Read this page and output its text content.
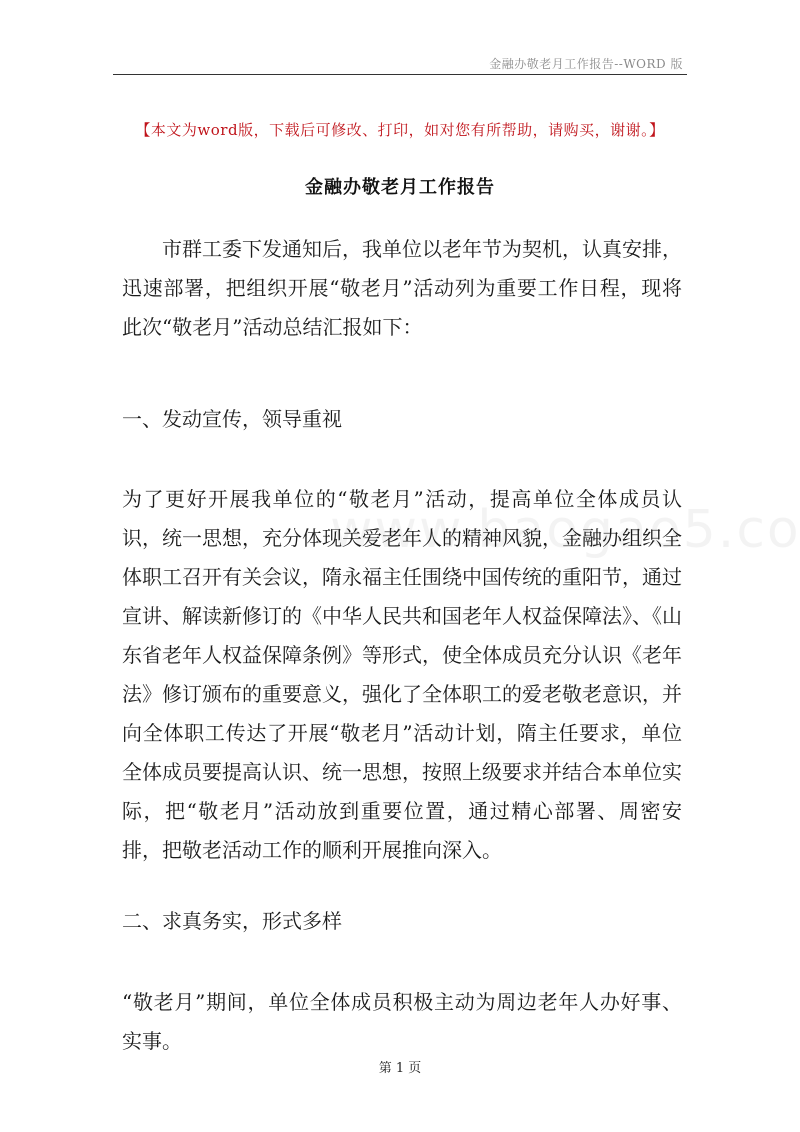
金融办敬老月工作报告--WORD 版
【本文为word版，下载后可修改、打印，如对您有所帮助，请购买，谢谢。】
金融办敬老月工作报告
市群工委下发通知后，我单位以老年节为契机，认真安排，迅速部署，把组织开展“敬老月”活动列为重要工作日程，现将此次“敬老月”活动总结汇报如下：
一、发动宣传，领导重视
为了更好开展我单位的“敬老月”活动，提高单位全体成员认识，统一思想，充分体现关爱老年人的精神风貌，金融办组织全体职工召开有关会议，隋永福主任围绕中国传统的重阳节，通过宣讲、解读新修订的《中华人民共和国老年人权益保障法》、《山东省老年人权益保障条例》等形式，使全体成员充分认识《老年法》修订颁布的重要意义，强化了全体职工的爱老敬老意识，并向全体职工传达了开展“敬老月”活动计划，隋主任要求，单位全体成员要提高认识、统一思想，按照上级要求并结合本单位实际，把“敬老月”活动放到重要位置，通过精心部署、周密安排，把敬老活动工作的顺利开展推向深入。
二、求真务实，形式多样
“敬老月”期间，单位全体成员积极主动为周边老年人办好事、实事。
第 1 页
